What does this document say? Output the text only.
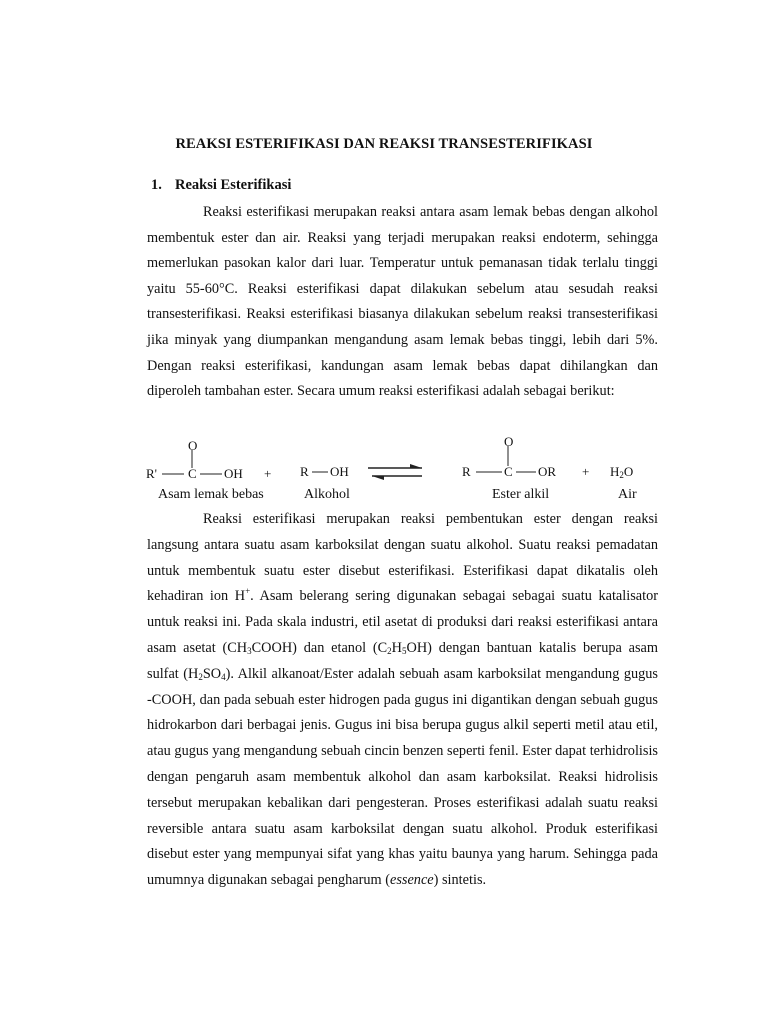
REAKSI ESTERIFIKASI DAN REAKSI TRANSESTERIFIKASI
1. Reaksi Esterifikasi

Reaksi esterifikasi merupakan reaksi antara asam lemak bebas dengan alkohol membentuk ester dan air. Reaksi yang terjadi merupakan reaksi endoterm, sehingga memerlukan pasokan kalor dari luar. Temperatur untuk pemanasan tidak terlalu tinggi yaitu 55-60°C. Reaksi esterifikasi dapat dilakukan sebelum atau sesudah reaksi transesterifikasi. Reaksi esterifikasi biasanya dilakukan sebelum reaksi transesterifikasi jika minyak yang diumpankan mengandung asam lemak bebas tinggi, lebih dari 5%. Dengan reaksi esterifikasi, kandungan asam lemak bebas dapat dihilangkan dan diperoleh tambahan ester. Secara umum reaksi esterifikasi adalah sebagai berikut:

R'
O
C OH + R OH	R
O
C OR + $H_2O$
Asam lemak bebas	Alkohol	Ester alkil	Air

Reaksi esterifikasi merupakan reaksi pembentukan ester dengan reaksi langsung antara suatu asam karboksilat dengan suatu alkohol. Suatu reaksi pemadatan untuk membentuk suatu ester disebut esterifikasi. Esterifikasi dapat dikatalis oleh kehadiran ion H+. Asam belerang sering digunakan sebagai sebagai suatu katalisator untuk reaksi ini. Pada skala industri, etil asetat di produksi dari reaksi esterifikasi antara asam asetat $(CH_3COOH)$ dan etanol $(C_2H_5OH)$ dengan bantuan katalis berupa asam sulfat $(H_2SO_4)$. Alkil alkanoat/Ester adalah sebuah asam karboksilat mengandung gugus -COOH, dan pada sebuah ester hidrogen pada gugus ini digantikan dengan sebuah gugus hidrokarbon dari berbagai jenis. Gugus ini bisa berupa gugus alkil seperti metil atau etil, atau gugus yang mengandung sebuah cincin benzen seperti fenil. Ester dapat terhidrolisis dengan pengaruh asam membentuk alkohol dan asam karboksilat. Reaksi hidrolisis tersebut merupakan kebalikan dari pengesteran. Proses esterifikasi adalah suatu reaksi reversible antara suatu asam karboksilat dengan suatu alkohol. Produk esterifikasi disebut ester yang mempunyai sifat yang khas yaitu baunya yang harum. Sehingga pada umumnya digunakan sebagai pengharum (essence) sintetis.
